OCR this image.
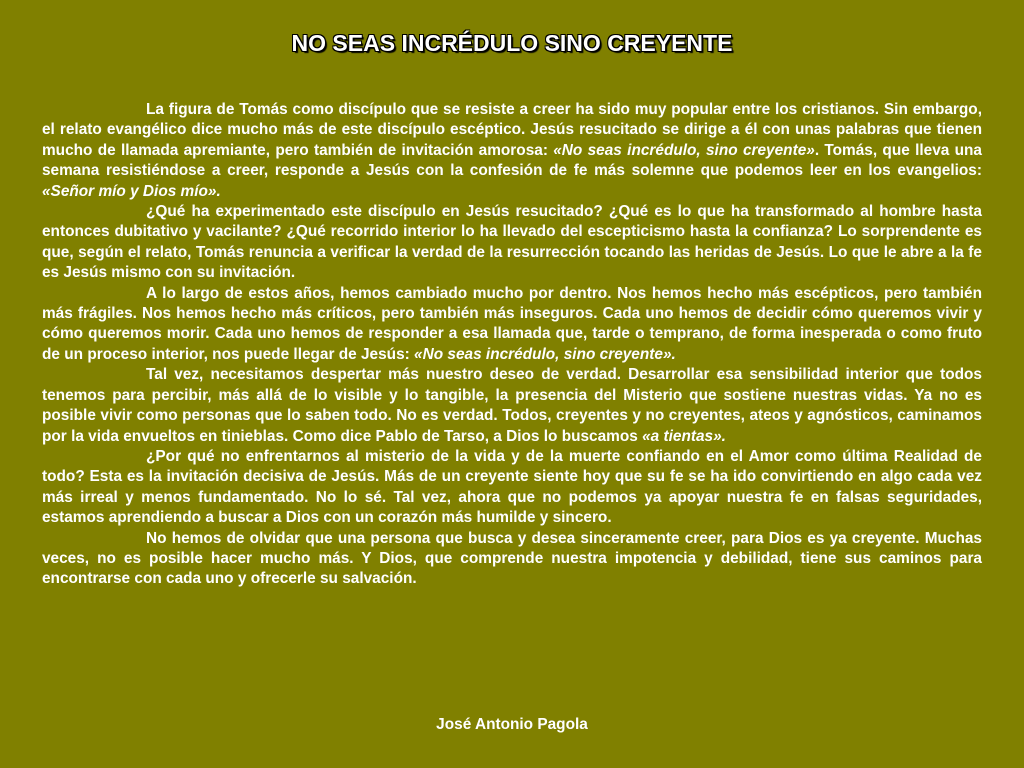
NO SEAS INCRÉDULO SINO CREYENTE

La figura de Tomás como discípulo que se resiste a creer ha sido muy popular entre los cristianos. Sin embargo, el relato evangélico dice mucho más de este discípulo escéptico. Jesús resucitado se dirige a él con unas palabras que tienen mucho de llamada apremiante, pero también de invitación amorosa: «No seas incrédulo, sino creyente». Tomás, que lleva una semana resistiéndose a creer, responde a Jesús con la confesión de fe más solemne que podemos leer en los evangelios: «Señor mío y Dios mío».

¿Qué ha experimentado este discípulo en Jesús resucitado? ¿Qué es lo que ha transformado al hombre hasta entonces dubitativo y vacilante? ¿Qué recorrido interior lo ha llevado del escepticismo hasta la confianza? Lo sorprendente es que, según el relato, Tomás renuncia a verificar la verdad de la resurrección tocando las heridas de Jesús. Lo que le abre a la fe es Jesús mismo con su invitación.

A lo largo de estos años, hemos cambiado mucho por dentro. Nos hemos hecho más escépticos, pero también más frágiles. Nos hemos hecho más críticos, pero también más inseguros. Cada uno hemos de decidir cómo queremos vivir y cómo queremos morir. Cada uno hemos de responder a esa llamada que, tarde o temprano, de forma inesperada o como fruto de un proceso interior, nos puede llegar de Jesús: «No seas incrédulo, sino creyente».

Tal vez, necesitamos despertar más nuestro deseo de verdad. Desarrollar esa sensibilidad interior que todos tenemos para percibir, más allá de lo visible y lo tangible, la presencia del Misterio que sostiene nuestras vidas. Ya no es posible vivir como personas que lo saben todo. No es verdad. Todos, creyentes y no creyentes, ateos y agnósticos, caminamos por la vida envueltos en tinieblas. Como dice Pablo de Tarso, a Dios lo buscamos «a tientas».

¿Por qué no enfrentarnos al misterio de la vida y de la muerte confiando en el Amor como última Realidad de todo? Esta es la invitación decisiva de Jesús. Más de un creyente siente hoy que su fe se ha ido convirtiendo en algo cada vez más irreal y menos fundamentado. No lo sé. Tal vez, ahora que no podemos ya apoyar nuestra fe en falsas seguridades, estamos aprendiendo a buscar a Dios con un corazón más humilde y sincero.

No hemos de olvidar que una persona que busca y desea sinceramente creer, para Dios es ya creyente. Muchas veces, no es posible hacer mucho más. Y Dios, que comprende nuestra impotencia y debilidad, tiene sus caminos para encontrarse con cada uno y ofrecerle su salvación.

José Antonio Pagola
